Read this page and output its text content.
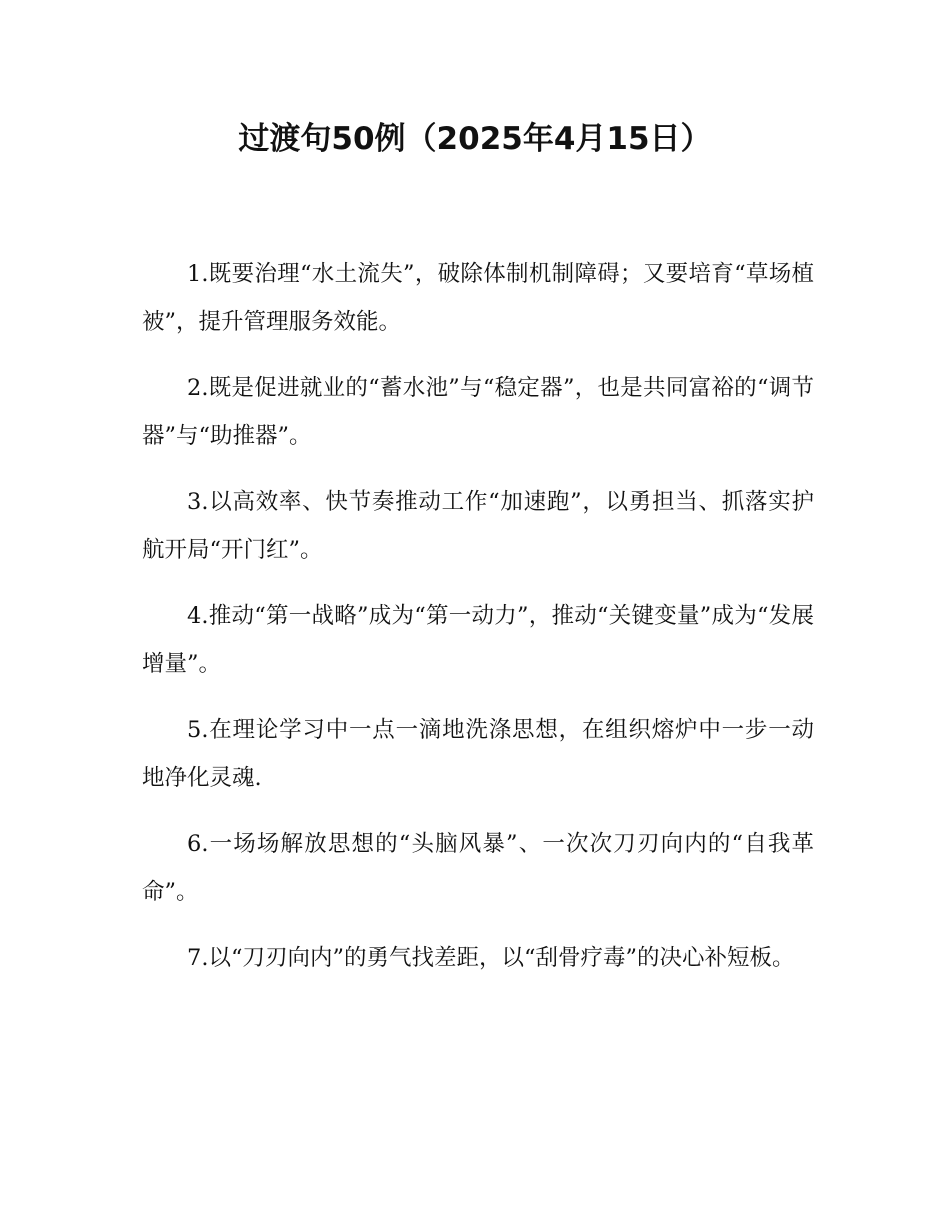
过渡句50例（2025年4月15日）

1.既要治理“水土流失”，破除体制机制障碍；又要培育“草场植被”，提升管理服务效能。

2.既是促进就业的“蓄水池”与“稳定器”，也是共同富裕的“调节器”与“助推器”。

3.以高效率、快节奏推动工作“加速跑”，以勇担当、抓落实护航开局“开门红”。

4.推动“第一战略”成为“第一动力”，推动“关键变量”成为“发展增量”。

5.在理论学习中一点一滴地洗涤思想，在组织熔炉中一步一动地净化灵魂.

6.一场场解放思想的“头脑风暴”、一次次刀刃向内的“自我革命”。

7.以“刀刃向内”的勇气找差距，以“刮骨疗毒”的决心补短板。
